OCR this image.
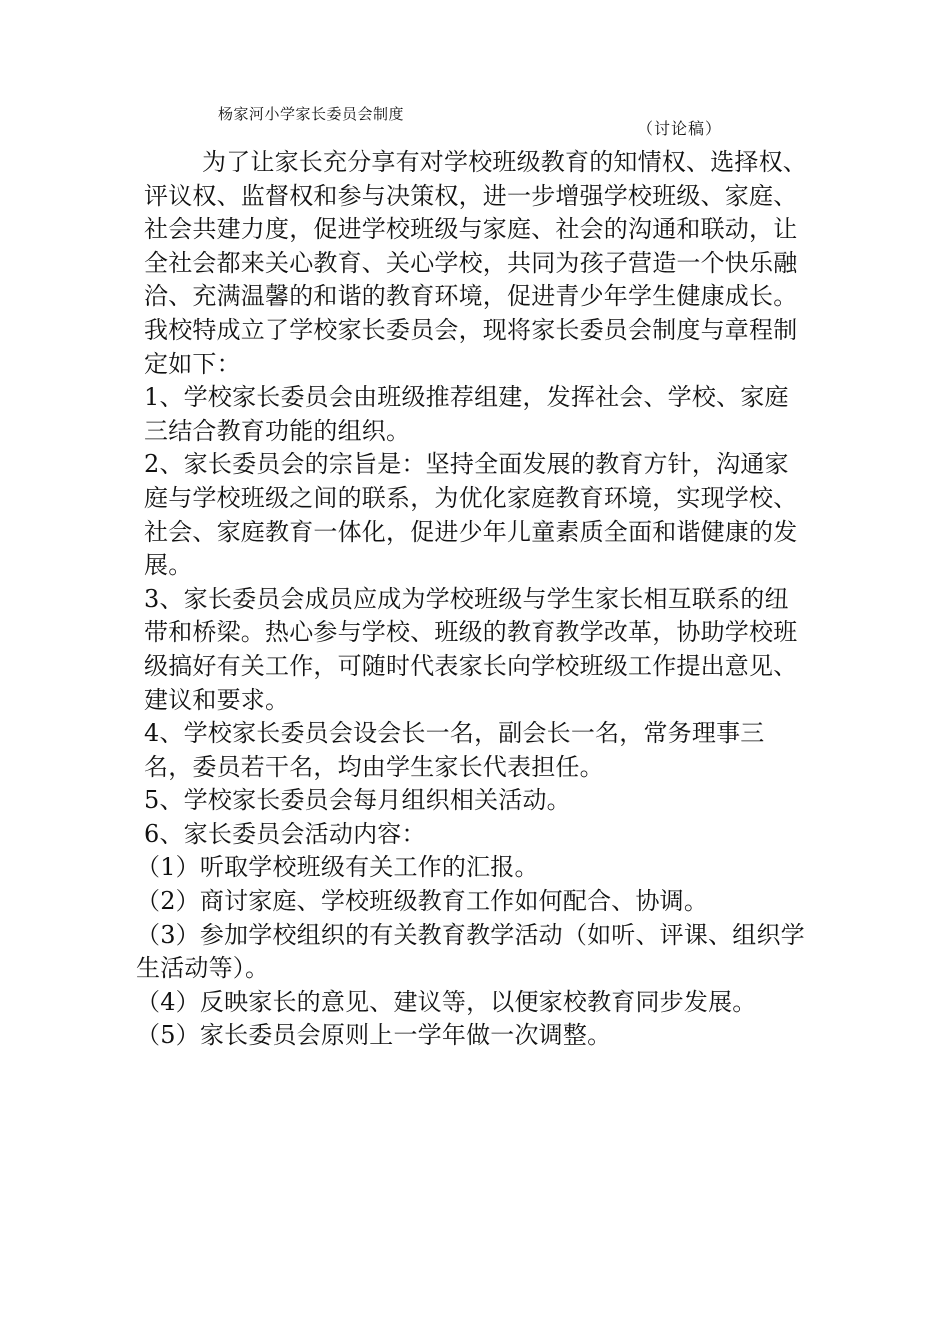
杨家河小学家长委员会制度
（讨论稿）

为了让家长充分享有对学校班级教育的知情权、选择权、评议权、监督权和参与决策权，进一步增强学校班级、家庭、社会共建力度，促进学校班级与家庭、社会的沟通和联动，让全社会都来关心教育、关心学校，共同为孩子营造一个快乐融洽、充满温馨的和谐的教育环境，促进青少年学生健康成长。我校特成立了学校家长委员会，现将家长委员会制度与章程制定如下：

1、学校家长委员会由班级推荐组建，发挥社会、学校、家庭三结合教育功能的组织。

2、家长委员会的宗旨是：坚持全面发展的教育方针，沟通家庭与学校班级之间的联系，为优化家庭教育环境，实现学校、社会、家庭教育一体化，促进少年儿童素质全面和谐健康的发展。

3、家长委员会成员应成为学校班级与学生家长相互联系的纽带和桥梁。热心参与学校、班级的教育教学改革，协助学校班级搞好有关工作，可随时代表家长向学校班级工作提出意见、建议和要求。

4、学校家长委员会设会长一名，副会长一名，常务理事三名，委员若干名，均由学生家长代表担任。

5、学校家长委员会每月组织相关活动。

6、家长委员会活动内容：

（1）听取学校班级有关工作的汇报。

（2）商讨家庭、学校班级教育工作如何配合、协调。

（3）参加学校组织的有关教育教学活动（如听、评课、组织学生活动等）。

（4）反映家长的意见、建议等，以便家校教育同步发展。

（5）家长委员会原则上一学年做一次调整。
